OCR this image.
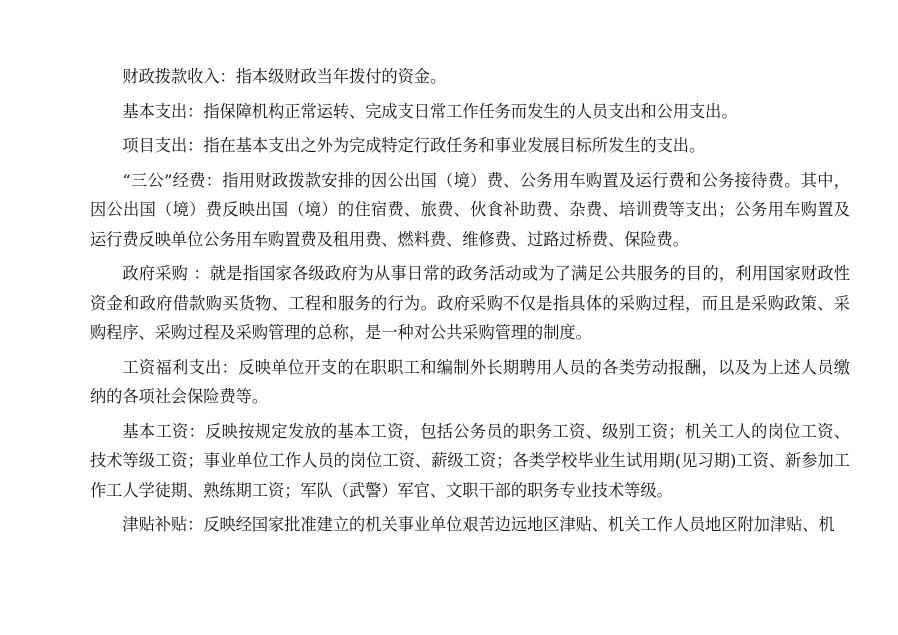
财政拨款收入：指本级财政当年拨付的资金。

基本支出：指保障机构正常运转、完成支日常工作任务而发生的人员支出和公用支出。

项目支出：指在基本支出之外为完成特定行政任务和事业发展目标所发生的支出。

“三公”经费：指用财政拨款安排的因公出国（境）费、公务用车购置及运行费和公务接待费。其中，因公出国（境）费反映出国（境）的住宿费、旅费、伙食补助费、杂费、培训费等支出；公务用车购置及运行费反映单位公务用车购置费及租用费、燃料费、维修费、过路过桥费、保险费。

政府采购 ：就是指国家各级政府为从事日常的政务活动或为了满足公共服务的目的，利用国家财政性资金和政府借款购买货物、工程和服务的行为。政府采购不仅是指具体的采购过程，而且是采购政策、采购程序、采购过程及采购管理的总称，是一种对公共采购管理的制度。

工资福利支出：反映单位开支的在职职工和编制外长期聘用人员的各类劳动报酬，以及为上述人员缴纳的各项社会保险费等。

基本工资：反映按规定发放的基本工资，包括公务员的职务工资、级别工资；机关工人的岗位工资、技术等级工资；事业单位工作人员的岗位工资、薪级工资；各类学校毕业生试用期(见习期)工资、新参加工作工人学徒期、熟练期工资；军队（武警）军官、文职干部的职务专业技术等级。

津贴补贴：反映经国家批准建立的机关事业单位艰苦边远地区津贴、机关工作人员地区附加津贴、机
